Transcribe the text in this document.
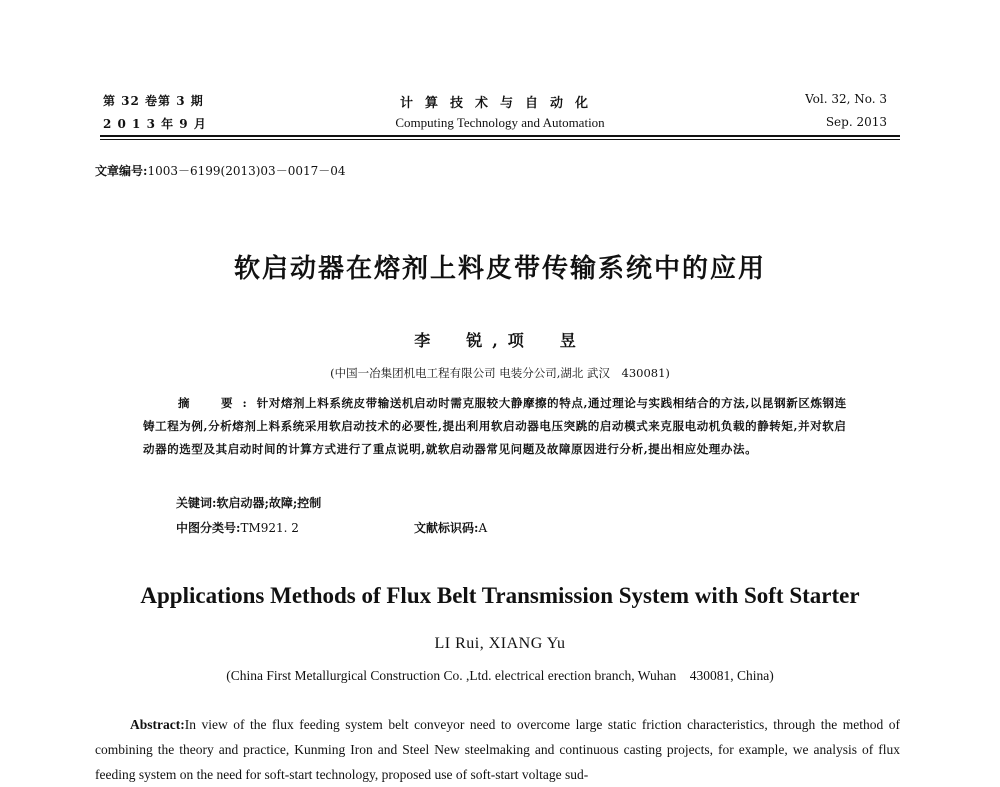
第 32 卷第 3 期
2 0 1 3 年 9 月
计算技术与自动化
Computing Technology and Automation
Vol. 32, No. 3
Sep. 2013
文章编号:1003－6199(2013)03－0017－04
软启动器在熔剂上料皮带传输系统中的应用
李　锐,项　昱
(中国一冶集团机电工程有限公司 电装分公司,湖北 武汉　430081)
摘　要:针对熔剂上料系统皮带输送机启动时需克服较大静摩擦的特点,通过理论与实践相结合的方法,以昆钢新区炼钢连铸工程为例,分析熔剂上料系统采用软启动技术的必要性,提出利用软启动器电压突跳的启动模式来克服电动机负载的静转矩,并对软启动器的选型及其启动时间的计算方式进行了重点说明,就软启动器常见问题及故障原因进行分析,提出相应处理办法。
关键词:软启动器;故障;控制
中图分类号:TM921. 2	文献标识码:A
Applications Methods of Flux Belt Transmission System with Soft Starter
LI Rui, XIANG Yu
(China First Metallurgical Construction Co. ,Ltd. electrical erection branch, Wuhan　430081, China)
Abstract:In view of the flux feeding system belt conveyor need to overcome large static friction characteristics, through the method of combining the theory and practice, Kunming Iron and Steel New steelmaking and continuous casting projects, for example, we analysis of flux feeding system on the need for soft-start technology, proposed use of soft-start voltage sud-
